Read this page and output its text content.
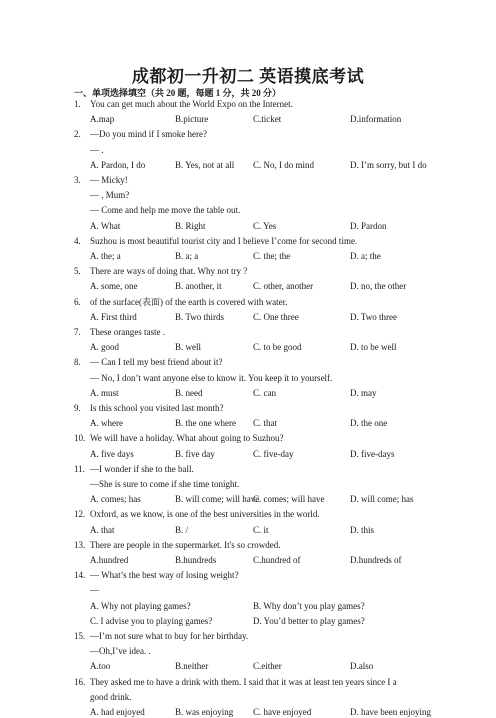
成都初一升初二 英语摸底考试
一、单项选择填空（共 20 题，每题 1 分，共 20 分）
1. You can get much about the World Expo on the Internet.
A.map	B.picture	C.ticket	D.information
2. —Do you mind if I smoke here?
— .
A. Pardon, I do	B. Yes, not at all C. No, I do mind	D. I’m sorry, but I do
3. — Micky!
— , Mum?
— Come and help me move the table out.
A. What	B. Right	C. Yes	D. Pardon
4. Suzhou is most beautiful tourist city and I believe I’come for second time.
A. the; a	B. a; a	C. the; the	D. a; the
5. There are ways of doing that. Why not try ?
A. some, one	B. another, it	C. other, another	D. no, the other
6. of the surface(表面) of the earth is covered with water.
A. First third	B. Two thirds	C. One three	D. Two three
7. These oranges taste .
A. good	B. well	C. to be good	D. to be well
8. — Can I tell my best friend about it?
— No, I don’t want anyone else to know it. You keep it to yourself.
A. must	B. need	C. can	D. may
9. Is this school you visited last month?
A. where	B. the one where C. that	D. the one
10. We will have a holiday. What about going to Suzhou?
A. five days	B. five day	C. five-day	D. five-days
11. —I wonder if she to the ball.
—She is sure to come if she time tonight.
A. comes; has	B. will come; will have
C. comes; will have	D. will come; has
12. Oxford, as we know, is one of the best universities in the world.
A. that	B. /	C. it	D. this
13. There are people in the supermarket. It's so crowded.
A.hundred	B.hundreds	C.hundred of	D.hundreds of
14. — What’s the best way of losing weight?
—
A. Why not playing games?	B. Why don’t you play games?
C. I advise you to playing games?	D. You’d better to play games?
15. —I’m not sure what to buy for her birthday.
—Oh,I’ve idea. .
A.too	B.neither	C.either	D.also
16. They asked me to have a drink with them. I said that it was at least ten years since I a
good drink.
A. had enjoyed	B. was enjoying C. have enjoyed	D. have been enjoying
